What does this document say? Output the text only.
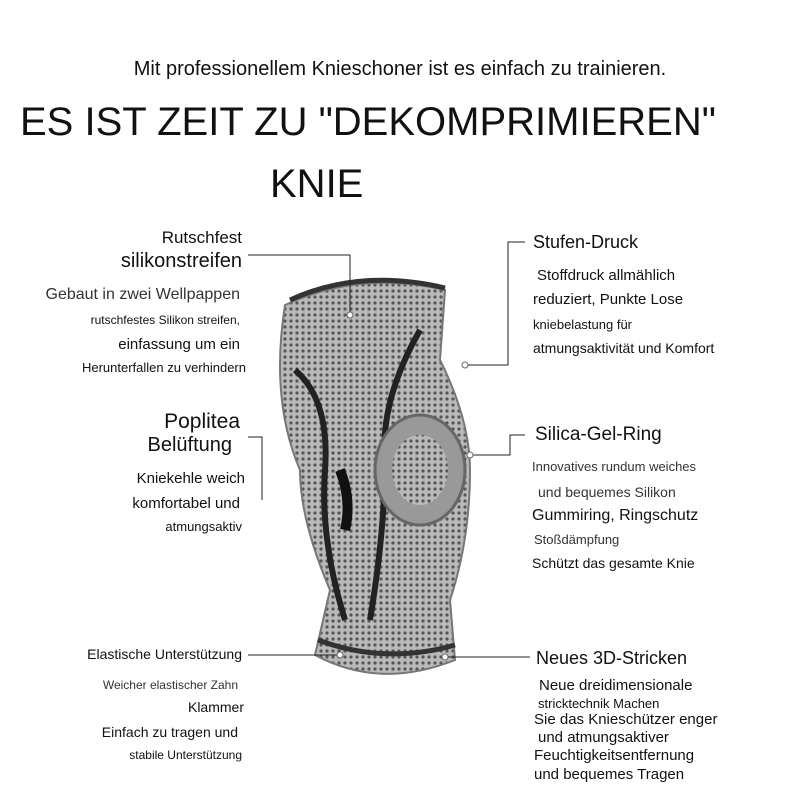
Mit professionellem Knieschoner ist es einfach zu trainieren.
ES IST ZEIT ZU "DEKOMPRIMIEREN"
KNIE
Rutschfest
silikonstreifen
Gebaut in zwei Wellpappen
rutschfestes Silikon streifen,
einfassung um ein
Herunterfallen zu verhindern
Poplitea
Belüftung
Kniekehle weich
komfortabel und
atmungsaktiv
Elastische Unterstützung
Weicher elastischer Zahn
Klammer
Einfach zu tragen und
stabile Unterstützung
Stufen-Druck
Stoffdruck allmählich
reduziert, Punkte Lose
kniebelastung für
atmungsaktivität und Komfort
Silica-Gel-Ring
Innovatives rundum weiches
und bequemes Silikon
Gummiring, Ringschutz
Stoßdämpfung
Schützt das gesamte Knie
Neues 3D-Stricken
Neue dreidimensionale
stricktechnik Machen
Sie das Knieschützer enger
und atmungsaktiver
Feuchtigkeitsentfernung
und bequemes Tragen
